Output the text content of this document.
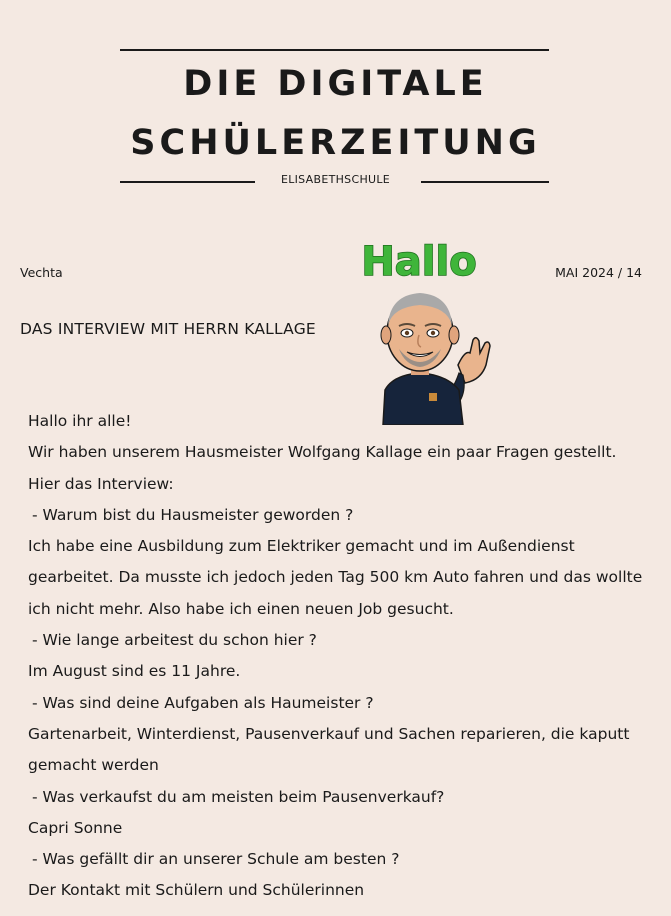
DIE DIGITALE
SCHÜLERZEITUNG
ELISABETHSCHULE
Vechta	MAI 2024 / 14
DAS INTERVIEW MIT HERRN KALLAGE
Hallo
Hallo ihr alle!
Wir haben unserem Hausmeister Wolfgang Kallage ein paar Fragen gestellt.
Hier das Interview:
- Warum bist du Hausmeister geworden ?
Ich habe eine Ausbildung zum Elektriker gemacht und im Außendienst
gearbeitet. Da musste ich jedoch jeden Tag 500 km Auto fahren und das wollte
ich nicht mehr. Also habe ich einen neuen Job gesucht.
- Wie lange arbeitest du schon hier ?
Im August sind es 11 Jahre.
- Was sind deine Aufgaben als Haumeister ?
Gartenarbeit, Winterdienst, Pausenverkauf und Sachen reparieren, die kaputt
gemacht werden
- Was verkaufst du am meisten beim Pausenverkauf?
Capri Sonne
- Was gefällt dir an unserer Schule am besten ?
Der Kontakt mit Schülern und Schülerinnen
